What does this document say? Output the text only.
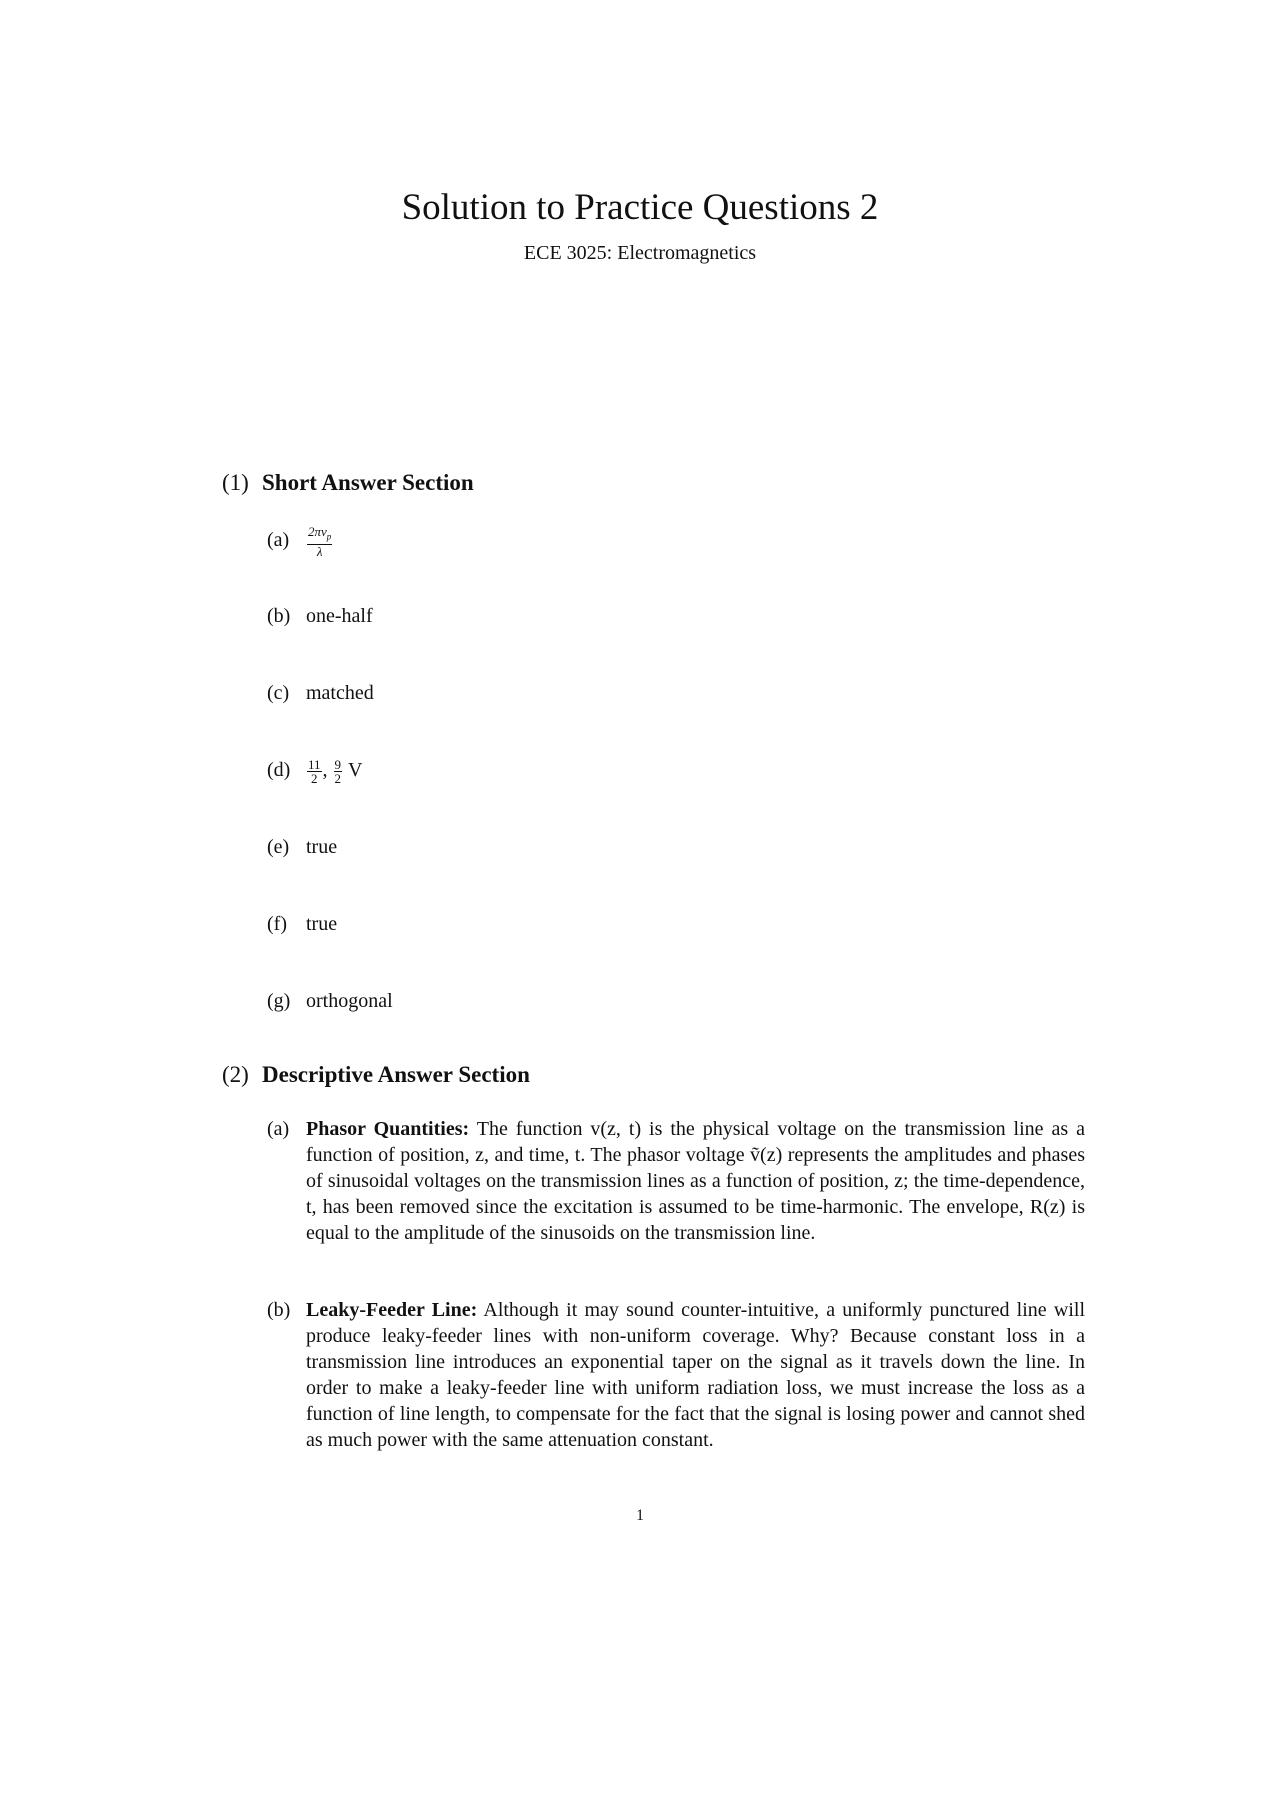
Solution to Practice Questions 2
ECE 3025: Electromagnetics
(1) Short Answer Section
$(a) \frac{2\pi v_p}{\lambda}$
(b) one-half
(c) matched
$(d) \frac{11}{2}$ , $\frac{9}{2}$ V
(e) true
(f) true
(g) orthogonal
(2) Descriptive Answer Section
(a) Phasor Quantities: The function v(z, t) is the physical voltage on the transmission line as a function of position, z, and time, t. The phasor voltage ṽ(z) represents the amplitudes and phases of sinusoidal voltages on the transmission lines as a function of position, z; the time-dependence, t, has been removed since the excitation is assumed to be time-harmonic. The envelope, R(z) is equal to the amplitude of the sinusoids on the transmission line.
(b) Leaky-Feeder Line: Although it may sound counter-intuitive, a uniformly punctured line will produce leaky-feeder lines with non-uniform coverage. Why? Because constant loss in a transmission line introduces an exponential taper on the signal as it travels down the line. In order to make a leaky-feeder line with uniform radiation loss, we must increase the loss as a function of line length, to compensate for the fact that the signal is losing power and cannot shed as much power with the same attenuation constant.
1
